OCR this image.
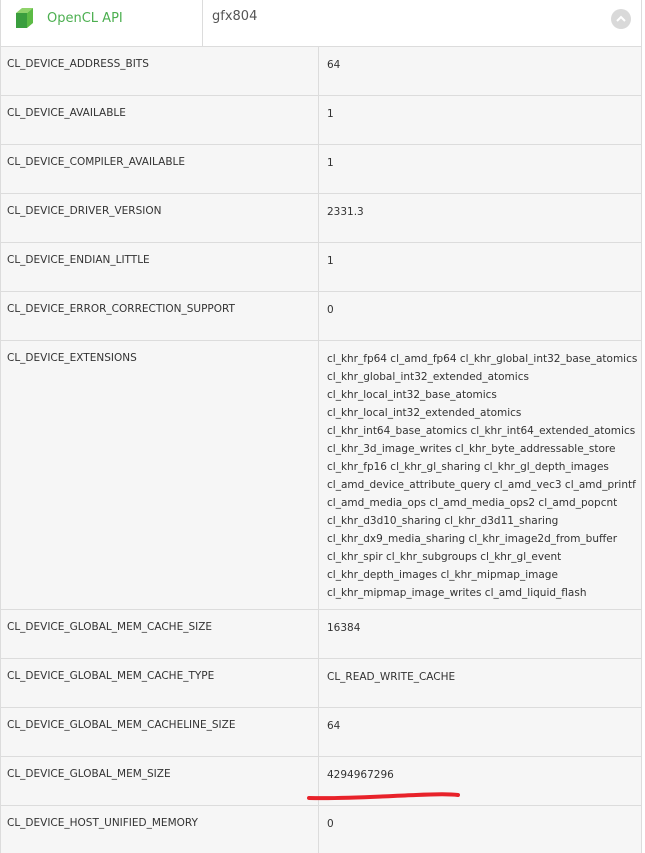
OpenCL API	gfx804
CL_DEVICE_ADDRESS_BITS	64
CL_DEVICE_AVAILABLE	1
CL_DEVICE_COMPILER_AVAILABLE	1
CL_DEVICE_DRIVER_VERSION	2331.3
CL_DEVICE_ENDIAN_LITTLE	1
CL_DEVICE_ERROR_CORRECTION_SUPPORT	0
CL_DEVICE_EXTENSIONS	cl_khr_fp64 cl_amd_fp64 cl_khr_global_int32_base_atomics
cl_khr_global_int32_extended_atomics
cl_khr_local_int32_base_atomics
cl_khr_local_int32_extended_atomics
cl_khr_int64_base_atomics cl_khr_int64_extended_atomics
cl_khr_3d_image_writes cl_khr_byte_addressable_store
cl_khr_fp16 cl_khr_gl_sharing cl_khr_gl_depth_images
cl_amd_device_attribute_query cl_amd_vec3 cl_amd_printf
cl_amd_media_ops cl_amd_media_ops2 cl_amd_popcnt
cl_khr_d3d10_sharing cl_khr_d3d11_sharing
cl_khr_dx9_media_sharing cl_khr_image2d_from_buffer
cl_khr_spir cl_khr_subgroups cl_khr_gl_event
cl_khr_depth_images cl_khr_mipmap_image
cl_khr_mipmap_image_writes cl_amd_liquid_flash
CL_DEVICE_GLOBAL_MEM_CACHE_SIZE	16384
CL_DEVICE_GLOBAL_MEM_CACHE_TYPE	CL_READ_WRITE_CACHE
CL_DEVICE_GLOBAL_MEM_CACHELINE_SIZE	64
CL_DEVICE_GLOBAL_MEM_SIZE	4294967296
CL_DEVICE_HOST_UNIFIED_MEMORY	0
